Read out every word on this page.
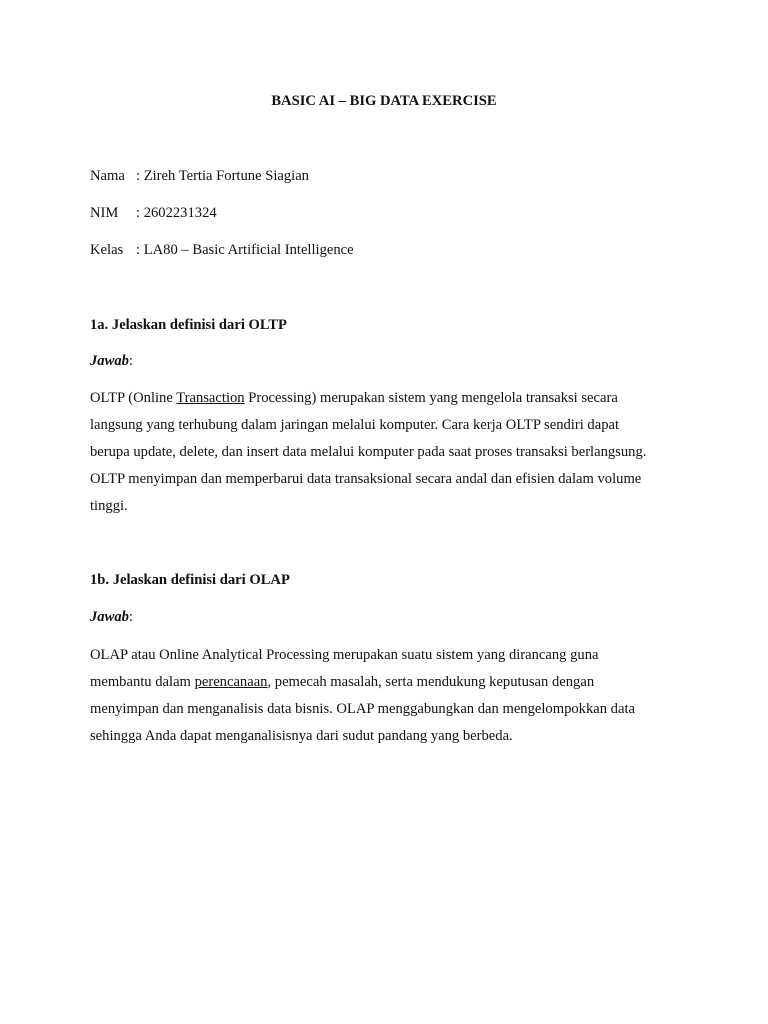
BASIC AI – BIG DATA EXERCISE
Nama : Zireh Tertia Fortune Siagian
NIM : 2602231324
Kelas : LA80 – Basic Artificial Intelligence
1a. Jelaskan definisi dari OLTP
Jawab:
OLTP (Online Transaction Processing) merupakan sistem yang mengelola transaksi secara
langsung yang terhubung dalam jaringan melalui komputer. Cara kerja OLTP sendiri dapat
berupa update, delete, dan insert data melalui komputer pada saat proses transaksi berlangsung.
OLTP menyimpan dan memperbarui data transaksional secara andal dan efisien dalam volume
tinggi.
1b. Jelaskan definisi dari OLAP
Jawab:
OLAP atau Online Analytical Processing merupakan suatu sistem yang dirancang guna
membantu dalam perencanaan, pemecah masalah, serta mendukung keputusan dengan
menyimpan dan menganalisis data bisnis. OLAP menggabungkan dan mengelompokkan data
sehingga Anda dapat menganalisisnya dari sudut pandang yang berbeda.
